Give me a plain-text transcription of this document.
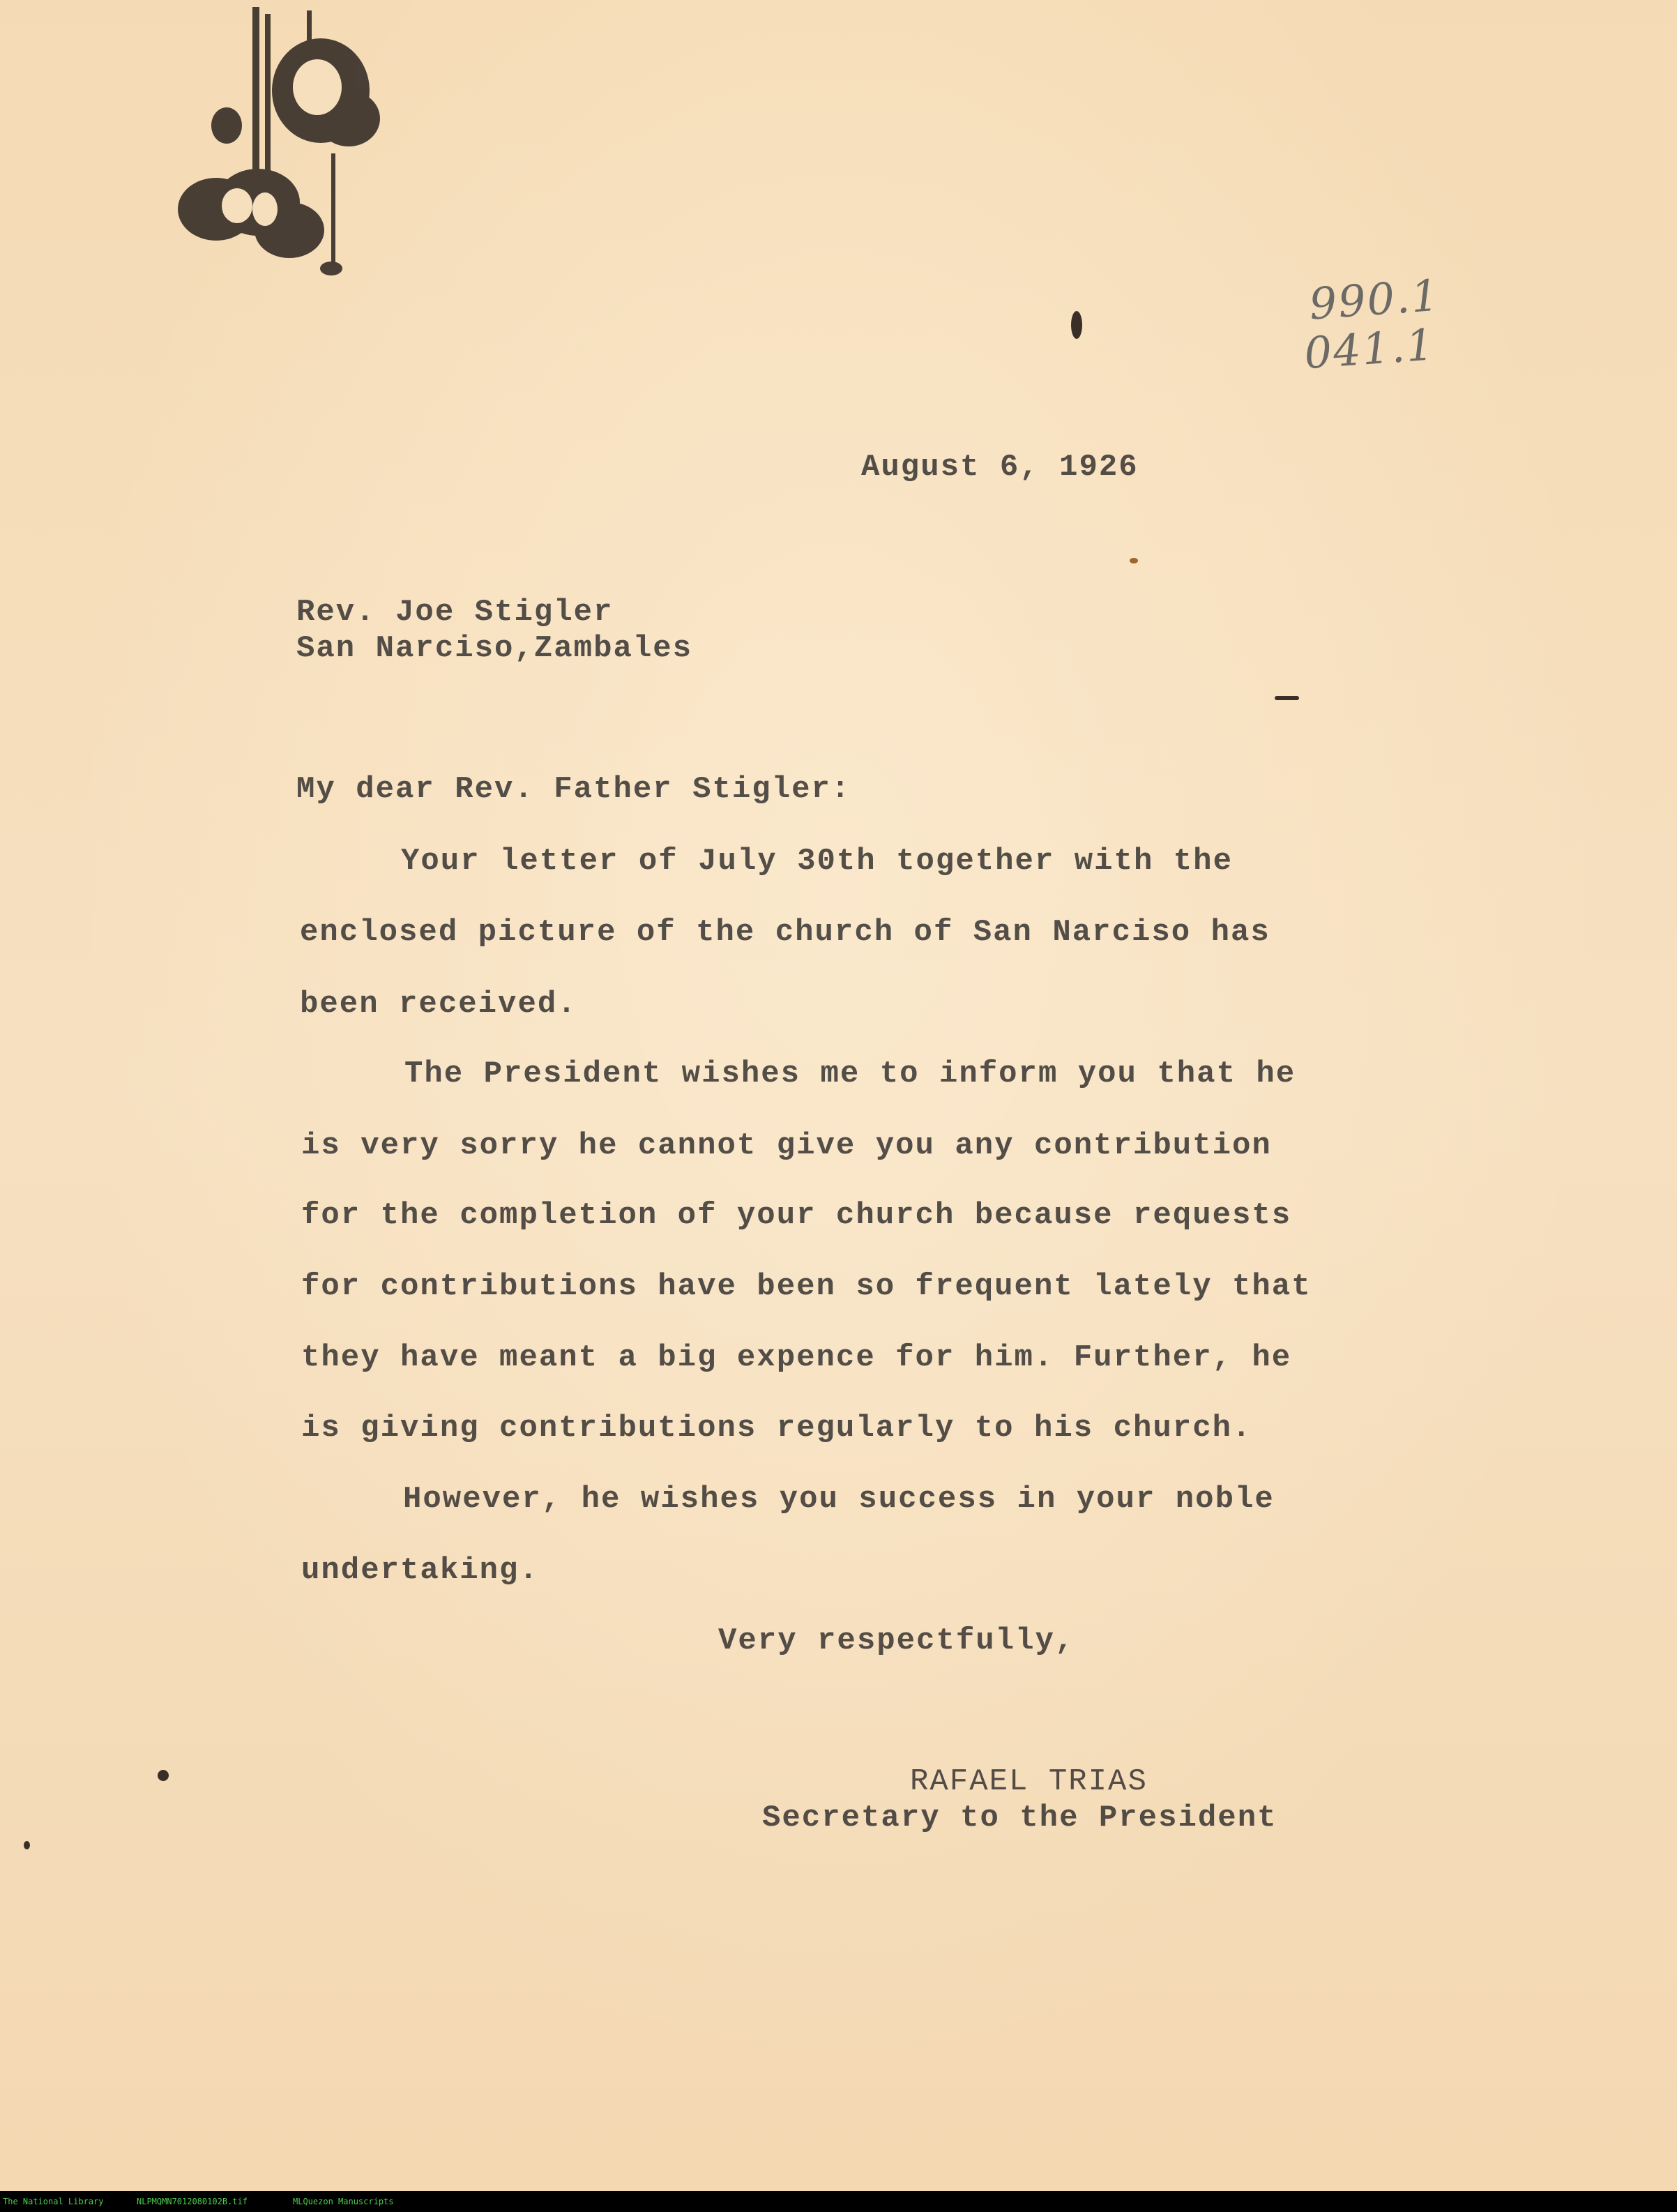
990.1
041.1
August 6, 1926
Rev. Joe Stigler
San Narciso,Zambales
My dear Rev. Father Stigler:
Your letter of July 30th together with the
enclosed picture of the church of San Narciso has
been received.
The President wishes me to inform you that he
is very sorry he cannot give you any contribution
for the completion of your church because requests
for contributions have been so frequent lately that
they have meant a big expence for him. Further, he
is giving contributions regularly to his church.
However, he wishes you success in your noble
undertaking.
Very respectfully,
RAFAEL TRIAS
Secretary to the President
The National Library	NLPMQMN7012080102B.tif	MLQuezon Manuscripts
